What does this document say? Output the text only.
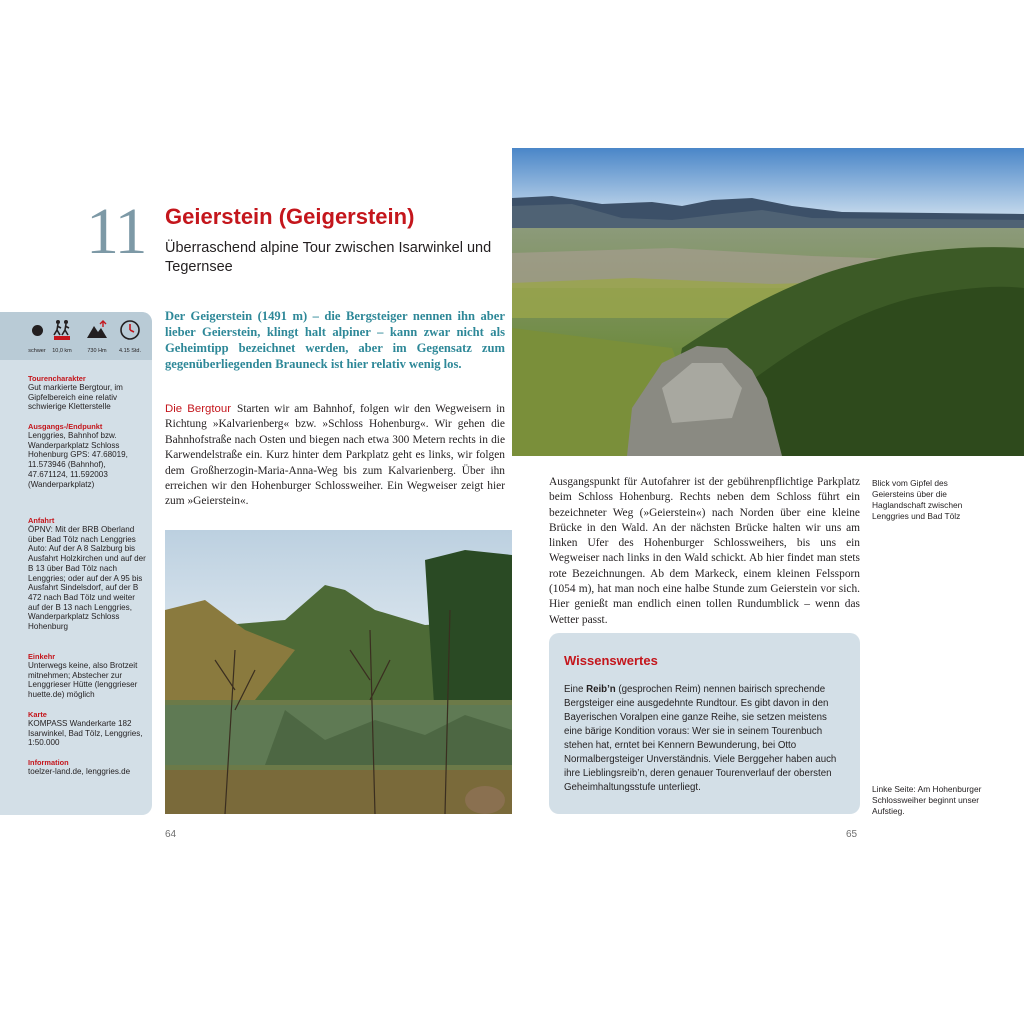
11 Geierstein (Geigerstein)
Überraschend alpine Tour zwischen Isarwinkel und Tegernsee
schwer	10,0 km	730 Hm	4.15 Std.
Tourencharakter
Gut markierte Bergtour, im Gipfelbereich eine relativ schwierige Kletterstelle
Ausgangs-/Endpunkt
Lenggries, Bahnhof bzw. Wanderparkplatz Schloss Hohenburg GPS: 47.68019, 11.573946 (Bahnhof), 47.671124, 11.592003 (Wanderparkplatz)
Anfahrt
ÖPNV: Mit der BRB Oberland über Bad Tölz nach Lenggries Auto: Auf der A 8 Salzburg bis Ausfahrt Holzkirchen und auf der B 13 über Bad Tölz nach Lenggries; oder auf der A 95 bis Ausfahrt Sindelsdorf, auf der B 472 nach Bad Tölz und weiter auf der B 13 nach Lenggries, Wanderparkplatz Schloss Hohenburg
Einkehr
Unterwegs keine, also Brotzeit mitnehmen; Abstecher zur Lenggrieser Hütte (lenggrieser huette.de) möglich
Karte
KOMPASS Wanderkarte 182 Isarwinkel, Bad Tölz, Lenggries, 1:50.000
Information
toelzer-land.de, lenggries.de
Der Geigerstein (1491 m) – die Bergsteiger nennen ihn aber lieber Geierstein, klingt halt alpiner – kann zwar nicht als Geheimtipp bezeichnet werden, aber im Gegensatz zum gegenüberliegenden Brauneck ist hier relativ wenig los.
Die Bergtour Starten wir am Bahnhof, folgen wir den Wegweisern in Richtung »Kalvarienberg« bzw. »Schloss Hohenburg«. Wir gehen die Bahnhofstraße nach Osten und biegen nach etwa 300 Metern rechts in die Karwendelstraße ein. Kurz hinter dem Parkplatz geht es links, wir folgen dem Großherzogin-Maria-Anna-Weg bis zum Kalvarienberg. Über ihn erreichen wir den Hohenburger Schlossweiher. Ein Wegweiser zeigt hier zum »Geierstein«.
Blick vom Gipfel des Geiersteins über die Haglandschaft zwischen Lenggries und Bad Tölz
Ausgangspunkt für Autofahrer ist der gebührenpflichtige Parkplatz beim Schloss Hohenburg. Rechts neben dem Schloss führt ein bezeichneter Weg (»Geierstein«) nach Norden über eine kleine Brücke in den Wald. An der nächsten Brücke halten wir uns am linken Ufer des Hohenburger Schlossweihers, bis uns ein Wegweiser nach links in den Wald schickt. Ab hier findet man stets rote Bezeichnungen. Ab dem Markeck, einem kleinen Felssporn (1054 m), hat man noch eine halbe Stunde zum Geierstein vor sich. Hier genießt man endlich einen tollen Rundumblick – wenn das Wetter passt.
Wissenswertes
Eine Reib’n (gesprochen Reim) nennen bairisch sprechende Bergsteiger eine ausgedehnte Rundtour. Es gibt davon in den Bayerischen Voralpen eine ganze Reihe, sie setzen meistens eine bärige Kondition voraus: Wer sie in seinem Tourenbuch stehen hat, erntet bei Kennern Bewunderung, bei Otto Normalbergsteiger Unverständnis. Viele Berggeher haben auch ihre Lieblingsreib’n, deren genauer Tourenverlauf der obersten Geheimhaltungsstufe unterliegt.	Linke Seite: Am Hohenburger Schlossweiher beginnt unser Aufstieg.
64	65
